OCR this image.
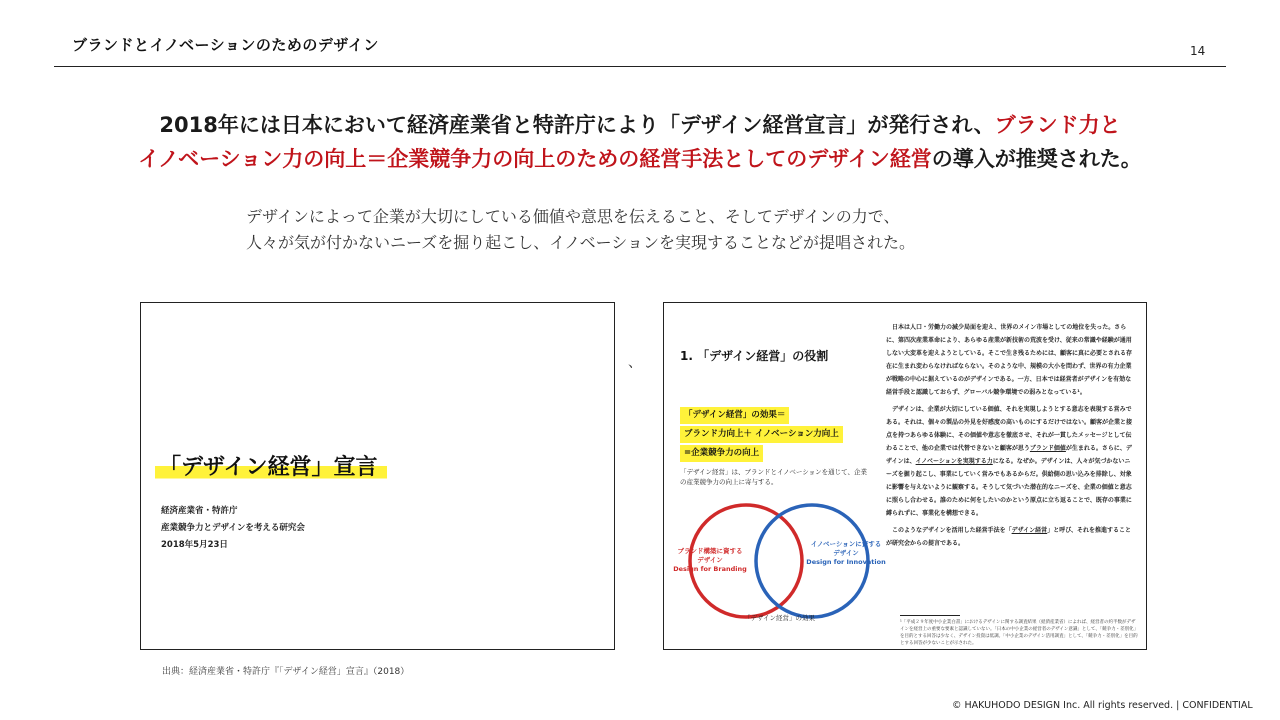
ブランドとイノベーションのためのデザイン	14
2018年には日本において経済産業省と特許庁により「デザイン経営宣言」が発行され、ブランド力と
イノベーション力の向上＝企業競争力の向上のための経営手法としてのデザイン経営の導入が推奨された。
デザインによって企業が大切にしている価値や意思を伝えること、そしてデザインの力で、
人々が気が付かないニーズを掘り起こし、イノベーションを実現することなどが提唱された。
「デザイン経営」宣言
経済産業省・特許庁
産業競争力とデザインを考える研究会
2018年5月23日
、	1. 「デザイン経営」の役割
「デザイン経営」の効果＝
ブランド力向上＋ イノベーション力向上
=企業競争力の向上
「デザイン経営」は、ブランドとイノベーションを通じて、企業の産業競争力の向上に寄与する。
ブランド構築に資する
デザイン
Design for Branding
イノベーションに資する
デザイン
Design for Innovation
「デザイン経営」の効果

日本は人口・労働力の減少局面を迎え、世界のメイン市場としての地位を失った。さらに、第四次産業革命により、あらゆる産業が新技術の荒波を受け、従来の常識や経験が通用しない大変革を迎えようとしている。そこで生き残るためには、顧客に真に必要とされる存在に生まれ変わらなければならない。そのような中、規模の大小を問わず、世界の有力企業が戦略の中心に据えているのがデザインである。一方、日本では経営者がデザインを有効な経営手段と認識しておらず、グローバル競争環境での弱みとなっている¹。

デザインは、企業が大切にしている価値、それを実現しようとする意志を表現する営みである。それは、個々の製品の外見を好感度の高いものにするだけではない。顧客が企業と接点を持つあらゆる体験に、その価値や意志を徹底させ、それが一貫したメッセージとして伝わることで、他の企業では代替できないと顧客が思うブランド価値が生まれる。さらに、デザインは、イノベーションを実現する力になる。なぜか。デザインは、人々が気づかないニーズを掘り起こし、事業にしていく営みでもあるからだ。供給側の思い込みを排除し、対象に影響を与えないように観察する。そうして気づいた潜在的なニーズを、企業の価値と意志に照らし合わせる。誰のために何をしたいのかという原点に立ち返ることで、既存の事業に縛られずに、事業化を構想できる。

このようなデザインを活用した経営手法を「デザイン経営」と呼び、それを推進することが研究会からの提言である。

¹「平成２９年度中小企業白書」におけるデザインに関する調査結果（経済産業省）によれば、経営者の約半数がデザインを経営上の重要な要素と認識していない。「日本の中小企業の経営者のデザイン意識」として、「競争力・差別化」を目的とする回答は少なく、デザイン投資は低調。「中小企業のデザイン活用調査」として、「競争力・差別化」を目的とする回答が少ないことが示された。
出典：経済産業省・特許庁『「デザイン経営」宣言』（2018）
© HAKUHODO DESIGN Inc. All rights reserved. | CONFIDENTIAL
